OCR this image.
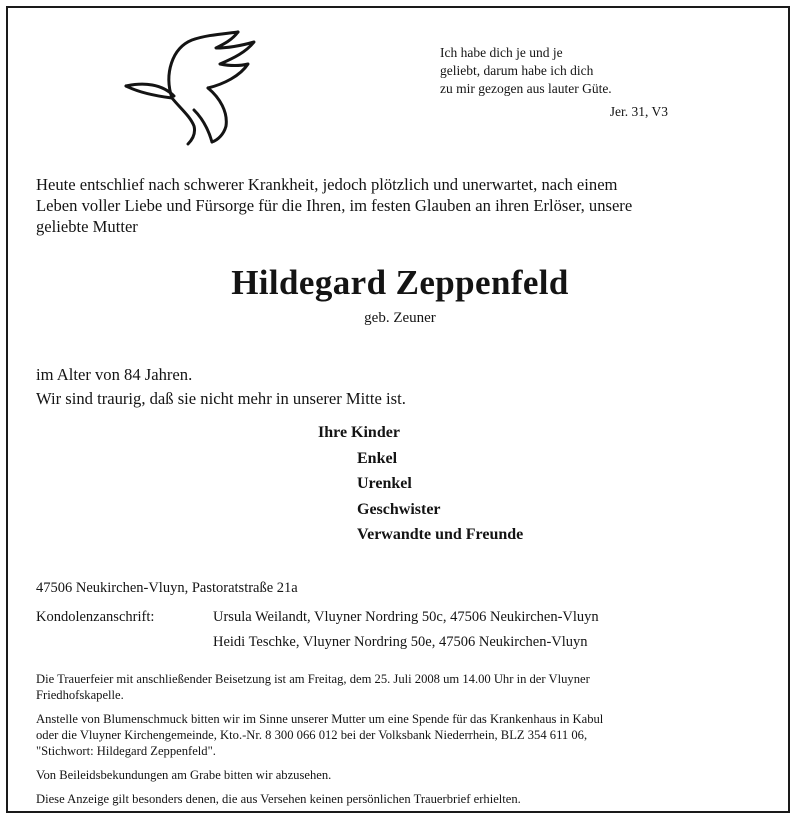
Ich habe dich je und je
geliebt, darum habe ich dich
zu mir gezogen aus lauter Güte.
Jer. 31, V3
Heute entschlief nach schwerer Krankheit, jedoch plötzlich und unerwartet, nach einem
Leben voller Liebe und Fürsorge für die Ihren, im festen Glauben an ihren Erlöser, unsere
geliebte Mutter
Hildegard Zeppenfeld
geb. Zeuner
im Alter von 84 Jahren.
Wir sind traurig, daß sie nicht mehr in unserer Mitte ist.
Ihre Kinder
Enkel
Urenkel
Geschwister
Verwandte und Freunde
47506 Neukirchen-Vluyn, Pastoratstraße 21a
Kondolenzanschrift:	Ursula Weilandt, Vluyner Nordring 50c, 47506 Neukirchen-Vluyn
Heidi Teschke, Vluyner Nordring 50e, 47506 Neukirchen-Vluyn

Die Trauerfeier mit anschließender Beisetzung ist am Freitag, dem 25. Juli 2008 um 14.00 Uhr in der Vluyner
Friedhofskapelle.

Anstelle von Blumenschmuck bitten wir im Sinne unserer Mutter um eine Spende für das Krankenhaus in Kabul
oder die Vluyner Kirchengemeinde, Kto.-Nr. 8 300 066 012 bei der Volksbank Niederrhein, BLZ 354 611 06,
"Stichwort: Hildegard Zeppenfeld".

Von Beileidsbekundungen am Grabe bitten wir abzusehen.

Diese Anzeige gilt besonders denen, die aus Versehen keinen persönlichen Trauerbrief erhielten.
